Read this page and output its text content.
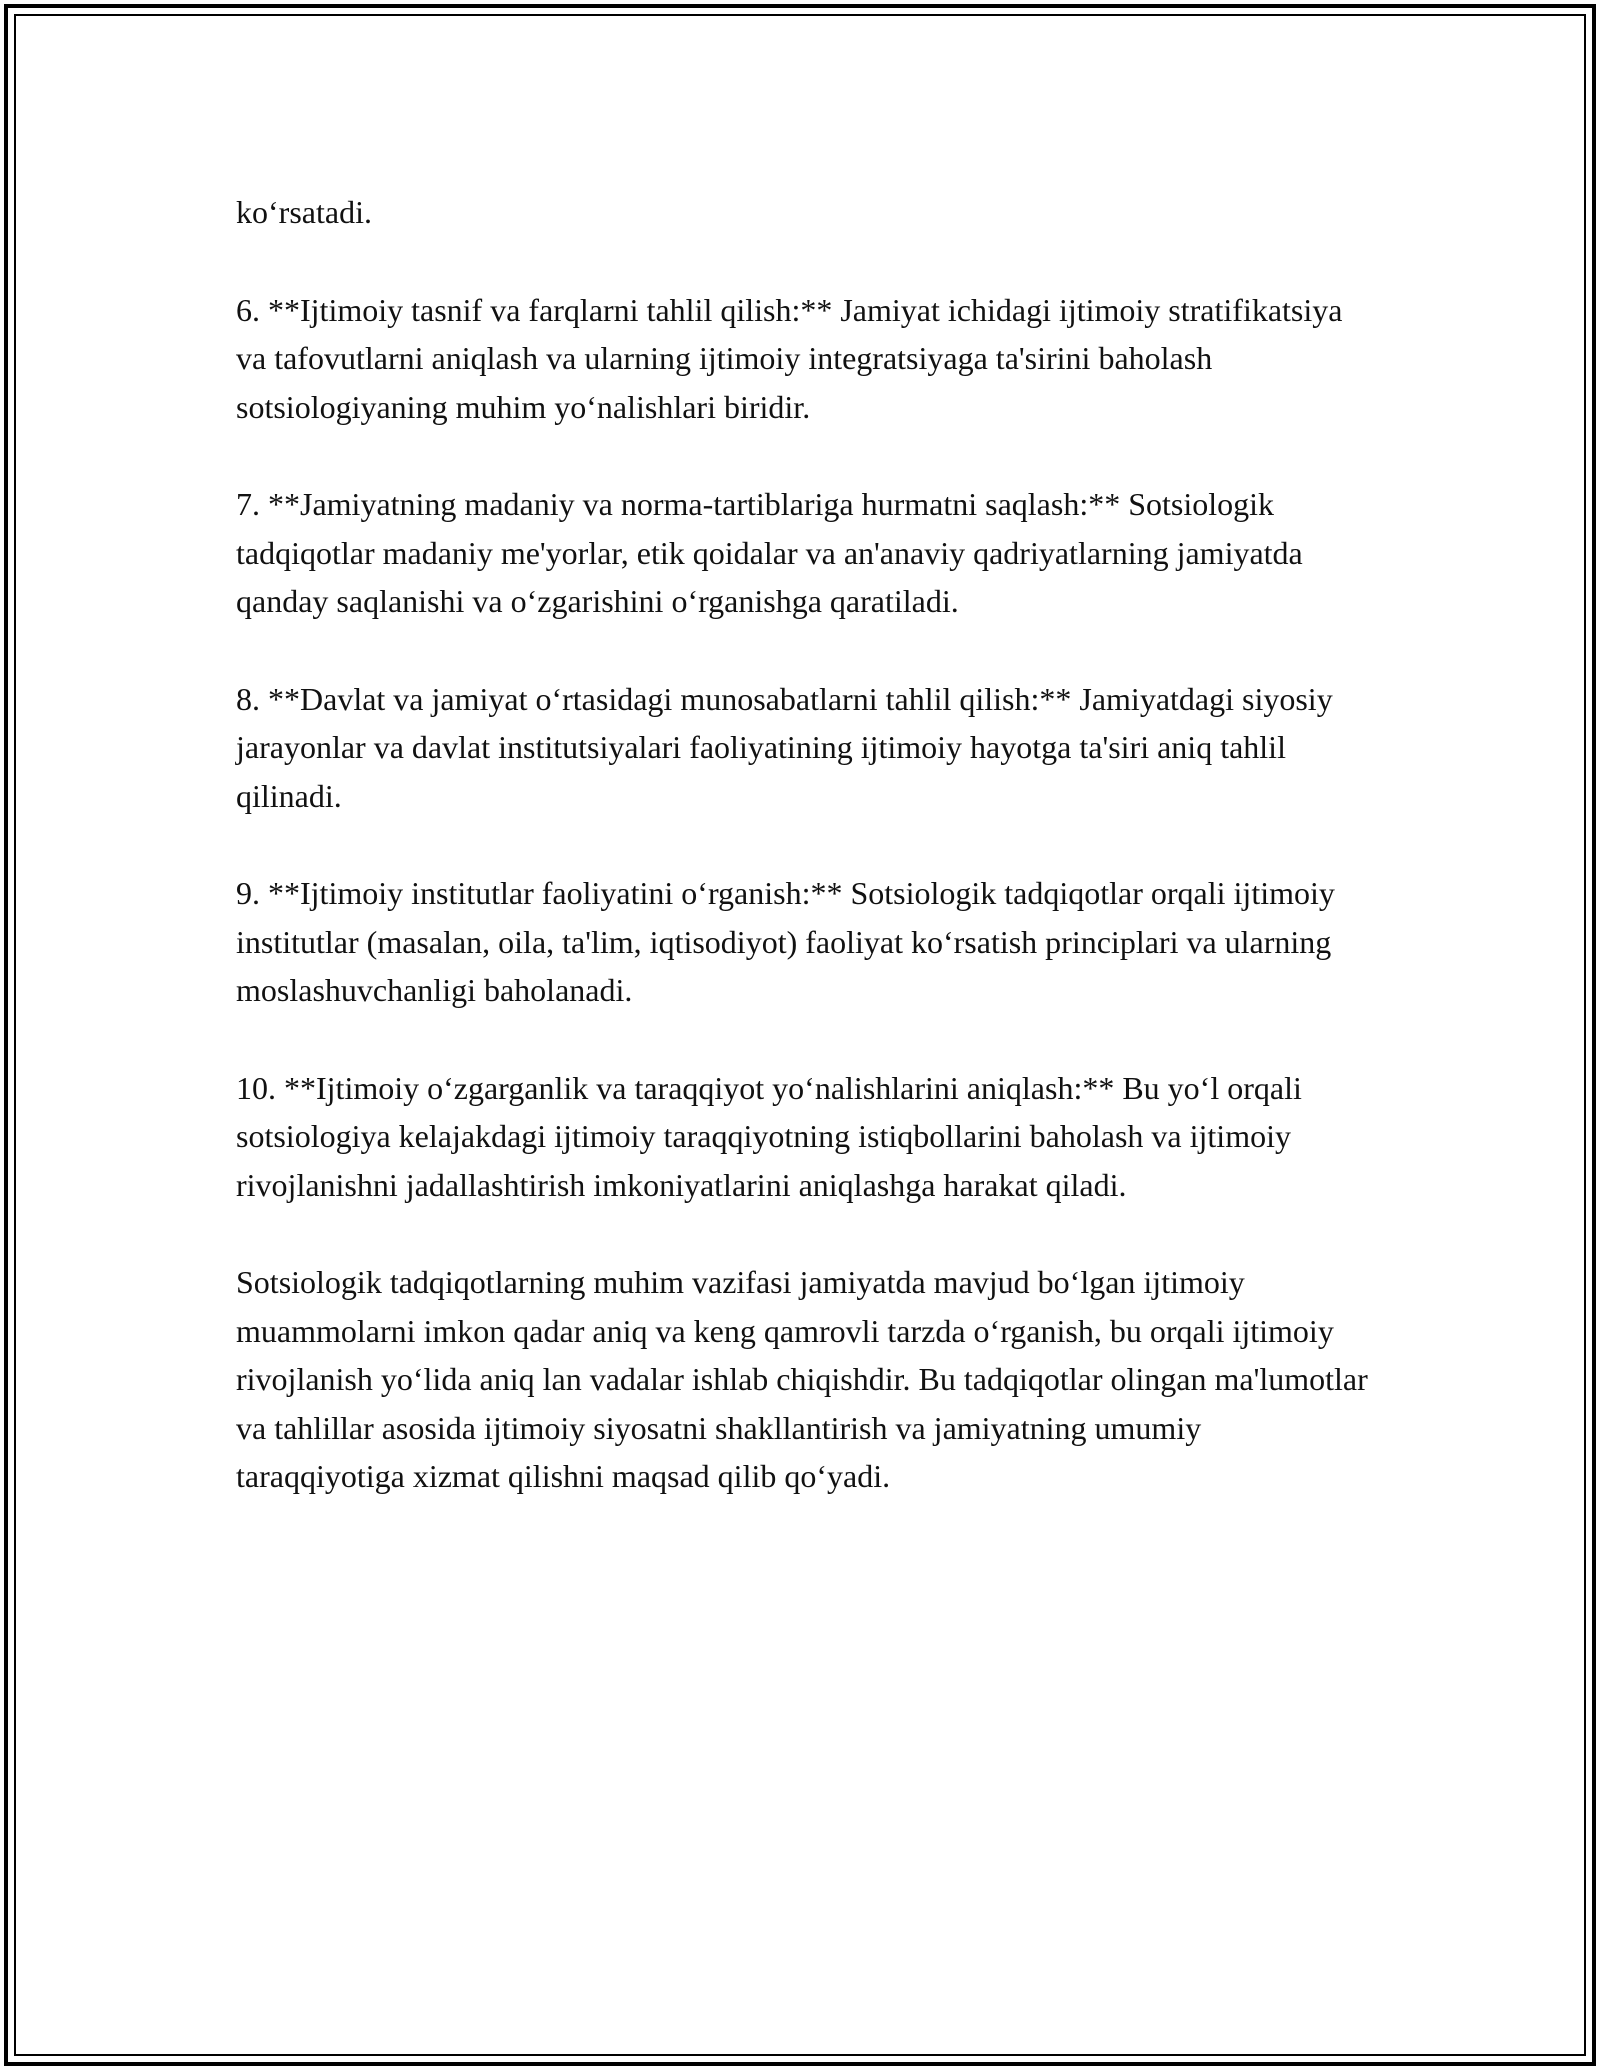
ko‘rsatadi.

6. **Ijtimoiy tasnif va farqlarni tahlil qilish:** Jamiyat ichidagi ijtimoiy stratifikatsiya va tafovutlarni aniqlash va ularning ijtimoiy integratsiyaga ta'sirini baholash sotsiologiyaning muhim yo‘nalishlari biridir.

7. **Jamiyatning madaniy va norma-tartiblariga hurmatni saqlash:** Sotsiologik tadqiqotlar madaniy me'yorlar, etik qoidalar va an'anaviy qadriyatlarning jamiyatda qanday saqlanishi va o‘zgarishini o‘rganishga qaratiladi.

8. **Davlat va jamiyat o‘rtasidagi munosabatlarni tahlil qilish:** Jamiyatdagi siyosiy jarayonlar va davlat institutsiyalari faoliyatining ijtimoiy hayotga ta'siri aniq tahlil qilinadi.

9. **Ijtimoiy institutlar faoliyatini o‘rganish:** Sotsiologik tadqiqotlar orqali ijtimoiy institutlar (masalan, oila, ta'lim, iqtisodiyot) faoliyat ko‘rsatish principlari va ularning moslashuvchanligi baholanadi.

10. **Ijtimoiy o‘zgarganlik va taraqqiyot yo‘nalishlarini aniqlash:** Bu yo‘l orqali sotsiologiya kelajakdagi ijtimoiy taraqqiyotning istiqbollarini baholash va ijtimoiy rivojlanishni jadallashtirish imkoniyatlarini aniqlashga harakat qiladi.

Sotsiologik tadqiqotlarning muhim vazifasi jamiyatda mavjud bo‘lgan ijtimoiy muammolarni imkon qadar aniq va keng qamrovli tarzda o‘rganish, bu orqali ijtimoiy rivojlanish yo‘lida aniq lan vadalar ishlab chiqishdir. Bu tadqiqotlar olingan ma'lumotlar va tahlillar asosida ijtimoiy siyosatni shakllantirish va jamiyatning umumiy taraqqiyotiga xizmat qilishni maqsad qilib qo‘yadi.
